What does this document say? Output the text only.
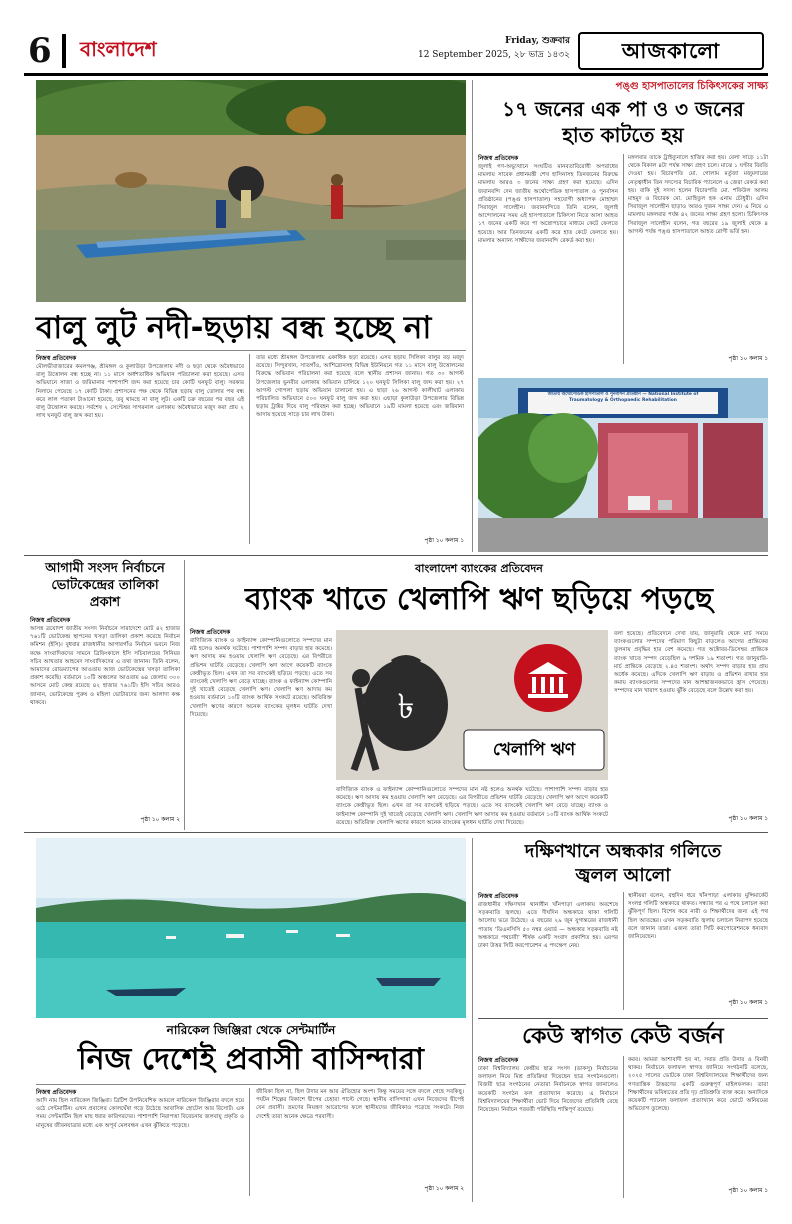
6 বাংলাদেশ	Friday, শুক্রবার
12 September 2025, ২৮ ভাদ্র ১৪৩২	আজকালো
বালু লুট নদী-ছড়ায় বন্ধ হচ্ছে না
নিজস্ব প্রতিবেদক
মৌলভীবাজারের কমলগঞ্জ, শ্রীমঙ্গল ও কুলাউড়া উপজেলায় নদী ও ছড়া থেকে অবৈধভাবে বালু উত্তোলন বন্ধ হচ্ছে না। ১১ মাসে অর্ধশতাধিক অভিযান পরিচালনা করা হয়েছে। এসব অভিযানে সাজা ও জরিমানার পাশাপাশি জব্দ করা হয়েছে চার কোটি ঘনফুট বালু। সরকার নিলামে পেয়েছে ১৭ কোটি টাকা। প্রশাসনের পক্ষ থেকে বিভিন্ন ছড়ায় বালু তোলার পথ বন্ধ করে লাল পতাকা টাঙানো হয়েছে, তবু থামছে না বালু লুট। একটি চক্র বছরের পর বছর এই বালু উত্তোলন করছে। সর্বশেষ ২ সেপ্টেম্বর সাগরনাল এলাকায় অবৈধভাবে মজুদ করা প্রায় ২ লাখ ঘনফুট বালু জব্দ করা হয়।
তার মধ্যে শ্রীমঙ্গল উপজেলায় একাধিক ছড়া রয়েছে। এসব ছড়ায় সিলিকা বালুর বড় মজুদ রয়েছে। সিন্দুরখান, সাতগাঁও, আশিদ্রোনসহ বিভিন্ন ইউনিয়নে গত ১১ মাসে বালু উত্তোলনের বিরুদ্ধে অভিযান পরিচালনা করা হয়েছে বলে স্থানীয় প্রশাসন জানায়। গত ৩০ আগস্ট উপজেলার ভুনবীর এলাকায় অভিযান চালিয়ে ১২০ ঘনফুট সিলিকা বালু জব্দ করা হয়। ২৭ আগস্ট গোপলা ছড়ায় অভিযান চালানো হয়। এ ছাড়া ২৬ আগস্ট কালীঘাট এলাকায় পরিচালিত অভিযানে ৫০০ ঘনফুট বালু জব্দ করা হয়। এছাড়া কুলাউড়া উপজেলার বিভিন্ন ছড়ায় ট্রাক্টর দিয়ে বালু পরিবহন করা হচ্ছে। অভিযানে ১৯টি মামলা হয়েছে এবং জরিমানা আদায় হয়েছে সাড়ে চার লাখ টাকা।
পৃষ্ঠা ১০ কলাম ১
পঙ্গু হাসপাতালের চিকিৎসকের সাক্ষ্য
১৭ জনের এক পা ও ৩ জনের
হাত কাটতে হয়
নিজস্ব প্রতিবেদক
জুলাই গণ-অভ্যুত্থানে সংঘটিত মানবতাবিরোধী অপরাধের মামলায় সাবেক প্রধানমন্ত্রী শেখ হাসিনাসহ তিনজনের বিরুদ্ধে মামলায় আরও ৩ জনের সাক্ষ্য গ্রহণ করা হয়েছে। এদিন জবানবন্দি দেন জাতীয় অর্থোপেডিক হাসপাতাল ও পুনর্বাসন প্রতিষ্ঠানের (পঙ্গু হাসপাতাল) সহযোগী অধ্যাপক মোহাম্মদ সিরাজুল সালেহীন। জবানবন্দিতে তিনি বলেন, জুলাই আন্দোলনের সময় এই হাসপাতালে চিকিৎসা নিতে আসা আহত ১৭ জনের একটি করে পা অস্ত্রোপচারে মাধ্যমে কেটে ফেলতে হয়েছে। আর তিনজনের একটি করে হাত কেটে ফেলতে হয়। মামলার অন্যান্য সাক্ষীদের জবানবন্দি রেকর্ড করা হয়।
মঙ্গলবার তাকে ট্রাইব্যুনালে হাজির করা হয়। বেলা সাড়ে ১১টা থেকে বিকাল ৪টা পর্যন্ত সাক্ষ্য গ্রহণ চলে। মাঝে ১ ঘণ্টার বিরতি দেওয়া হয়। বিচারপতি মো. গোলাম মর্তুজা মজুমদারের নেতৃত্বাধীন তিন সদস্যের বিচারিক প্যানেলে এ জেরা রেকর্ড করা হয়। বাকি দুই সদস্য হলেন বিচারপতি মো. শফিউল আলম মাহমুদ ও বিচারক মো. মোহিতুল হক এনাম চৌধুরী। এদিন সিরাজুল সালেহীন ছাড়াও আরও দুজন সাক্ষ্য দেন। এ নিয়ে এ মামলায় মঙ্গলবার পর্যন্ত ৪২ জনের সাক্ষ্য গ্রহণ হলো। চিকিৎসক সিরাজুল সালেহীন বলেন, গত বছরের ১৯ জুলাই থেকে ৪ আগস্ট পর্যন্ত পঙ্গু হাসপাতালে আহত রোগী ভর্তি হন।
পৃষ্ঠা ১০ কলাম ১
জাতীয় অর্থোপেডিক হাসপাতাল ও পুনর্বাসন প্রতিষ্ঠান — National Institute of Traumatology & Orthopaedic Rehabilitation
আগামী সংসদ নির্বাচনে
ভোটকেন্দ্রের তালিকা
প্রকাশ
নিজস্ব প্রতিবেদক
আসন্ন ত্রয়োদশ জাতীয় সংসদ নির্বাচনে সারাদেশে মোট ৪২ হাজার ৭৬১টি ভোটকেন্দ্র স্থাপনের খসড়া তালিকা প্রকাশ করেছে নির্বাচন কমিশন (ইসি)। বুধবার রাজধানীর আগারগাঁও নির্বাচন ভবনে নিজ কক্ষে সাংবাদিকদের সামনে ব্রিফিংকালে ইসি সচিবালয়ের সিনিয়র সচিব আখতার আহমেদ সাংবাদিকদের এ তথ্য জানান। তিনি বলেন, আমাদের রোডম্যাপের আওতায় আজ ভোটকেন্দ্রের খসড়া তালিকা প্রকাশ করেছি। বর্তমানে ১০টি অঞ্চলের আওতায় ৬৪ জেলায় ৩০০ আসনে মোট কেন্দ্র রয়েছে ৪২ হাজার ৭৬১টি। ইসি সচিব আরও জানান, ভোটকেন্দ্রে পুরুষ ও মহিলা ভোটারদের জন্য আলাদা কক্ষ থাকবে।
পৃষ্ঠা ১০ কলাম ২
বাংলাদেশ ব্যাংকের প্রতিবেদন
ব্যাংক খাতে খেলাপি ঋণ ছড়িয়ে পড়ছে
নিজস্ব প্রতিবেদক
বাণিজ্যিক ব্যাংক ও ফাইন্যান্স কোম্পানিগুলোতে সম্পদের মান নষ্ট হলেও অনর্থক ঘটেছে। পাশাপাশি সম্পদ বাড়ার হার কমেছে। ঋণ আদায় কম হওয়ায় খেলাপি ঋণ বেড়েছে। এর বিপরীতে প্রভিশন ঘাটতি বেড়েছে। খেলাপি ঋণ আগে কয়েকটি ব্যাংকে কেন্দ্রীভূত ছিল। এখন তা সব ব্যাংকেই ছড়িয়ে পড়ছে। এতে সব ব্যাংকেই খেলাপি ঋণ বেড়ে যাচ্ছে। ব্যাংক ও ফাইন্যান্স কোম্পানি দুই খাতেই বেড়েছে খেলাপি ঋণ। খেলাপি ঋণ আদায় কম হওয়ায় বর্তমানে ১০টি ব্যাংক আর্থিক সংকটে রয়েছে। অতিরিক্ত খেলাপি ঋণের কারণে অনেক ব্যাংকের মূলধন ঘাটতি দেখা দিয়েছে।	৳
খেলাপি ঋণ
বলা হয়েছে। প্রতিবেদনে দেখা যায়, জানুয়ারি থেকে মার্চ সময়ে ব্যাংকগুলোর সম্পদের পরিমাণ কিছুটা বাড়লেও আগের প্রান্তিকের তুলনায় প্রবৃদ্ধির হার বেশ কমেছে। গত অক্টোবর-ডিসেম্বর প্রান্তিকে ব্যাংক খাতে সম্পদ বেড়েছিল ৯ দশমিক ১৯ শতাংশ। গত জানুয়ারি-মার্চ প্রান্তিকে বেড়েছে ২.৪৫ শতাংশ। অর্থাৎ সম্পদ বাড়ার হার প্রায় অর্ধেক কমেছে। এদিকে খেলাপি ঋণ বাড়ায় ও প্রভিশন রাখার হার কমায় ব্যাংকগুলোর সম্পদের মান আশঙ্কাজনকভাবে হ্রাস পেয়েছে। সম্পদের মান খারাপ হওয়ায় ঝুঁকি বেড়েছে বলে উল্লেখ করা হয়।
পৃষ্ঠা ১০ কলাম ১
বাণিজ্যিক ব্যাংক ও ফাইন্যান্স কোম্পানিগুলোতে সম্পদের মান নষ্ট হলেও অনর্থক ঘটেছে। পাশাপাশি সম্পদ বাড়ার হার কমেছে। ঋণ আদায় কম হওয়ায় খেলাপি ঋণ বেড়েছে। এর বিপরীতে প্রভিশন ঘাটতি বেড়েছে। খেলাপি ঋণ আগে কয়েকটি ব্যাংকে কেন্দ্রীভূত ছিল। এখন তা সব ব্যাংকেই ছড়িয়ে পড়ছে। এতে সব ব্যাংকেই খেলাপি ঋণ বেড়ে যাচ্ছে। ব্যাংক ও ফাইন্যান্স কোম্পানি দুই খাতেই বেড়েছে খেলাপি ঋণ। খেলাপি ঋণ আদায় কম হওয়ায় বর্তমানে ১০টি ব্যাংক আর্থিক সংকটে রয়েছে। অতিরিক্ত খেলাপি ঋণের কারণে অনেক ব্যাংকের মূলধন ঘাটতি দেখা দিয়েছে।
নারিকেল জিঞ্জিরা থেকে সেন্টমার্টিন
নিজ দেশেই প্রবাসী বাসিন্দারা
নিজস্ব প্রতিবেদক
আদি নাম ছিল নারিকেল জিঞ্জিরা। ব্রিটিশ উপনিবেশিক আমলে নারিকেল জিঞ্জিরার বদলে হয়ে ওঠে সেন্টমার্টিন। এখন প্রবালের কোলঘেঁষা গড়ে উঠেছে আবাসিক হোটেল আর রিসোর্ট। এক সময় সেন্টমার্টিন ছিল মাছ ধরার কারিগরদের। পাশাপাশি নিরাপত্তা বিবেচনায় জলবায়ু প্রকৃতি ও মানুষের জীবনযাত্রার মধ্যে এক অপূর্ব মেলবন্ধন এখন ঝুঁকিতে পড়েছে।
জীবিকা ছিল না, ছিল উদার মন আর ঐতিহ্যের অংশ। কিন্তু সময়ের সঙ্গে বদলে গেছে সবকিছু। পর্যটন শিল্পের বিকাশে দ্বীপের চেহারা পাল্টে গেছে। স্থানীয় বাসিন্দারা এখন নিজেদের দ্বীপেই যেন প্রবাসী। ভ্রমণের নিয়ন্ত্রণ আরোপের ফলে স্থানীয়দের জীবিকাও পড়েছে সংকটে। নিজ দেশেই তারা অনেক ক্ষেত্রে পরবাসী।
পৃষ্ঠা ১০ কলাম ২
দক্ষিণখানে অন্ধকার গলিতে
জ্বলল আলো
নিজস্ব প্রতিবেদক
রাজধানীর দক্ষিণখান থানাধীন খাঁনপাড়া এলাকায় অবশেষে সড়কবাতি জ্বলছে। এতে দীর্ঘদিন অন্ধকারে থাকা গলিটি আলোয় ভরে উঠেছে। এ বছরের ২৯ জুন যুগান্তরের রাজধানী পাতায় ‘ডিএনসিসি ৫০ নম্বর ওয়ার্ড — অন্ধকার সড়কবাতি নষ্ট অন্ধকারে পথচারী’ শীর্ষক একটি সংবাদ প্রকাশিত হয়। এরপর ঢাকা উত্তর সিটি করপোরেশন এ পদক্ষেপ নেয়।
স্থানীয়রা বলেন, বহুদিন ধরে খাঁনপাড়া এলাকার মুন্সিমার্কেট সংলগ্ন গলিটি অন্ধকারে থাকত। সন্ধ্যার পর এ পথে চলাচল করা ঝুঁকিপূর্ণ ছিল। বিশেষ করে নারী ও শিক্ষার্থীদের জন্য এই পথ ছিল আতঙ্কের। এখন সড়কবাতি জ্বলায় চলাচল নিরাপদ হয়েছে বলে জানান তারা। এজন্য তারা সিটি করপোরেশনকে ধন্যবাদ জানিয়েছেন।
পৃষ্ঠা ১০ কলাম ১
কেউ স্বাগত কেউ বর্জন
নিজস্ব প্রতিবেদক
ঢাকা বিশ্ববিদ্যালয় কেন্দ্রীয় ছাত্র সংসদ (ডাকসু) নির্বাচনের ফলাফল নিয়ে মিশ্র প্রতিক্রিয়া দিয়েছেন ছাত্র সংগঠনগুলো। বিজয়ী ছাত্র সংগঠনের নেতারা নির্বাচনকে স্বাগত জানালেও কয়েকটি সংগঠন ফল প্রত্যাখ্যান করেছে। এ নির্বাচনে বিশ্ববিদ্যালয়ের শিক্ষার্থীরা ভোট দিয়ে নিজেদের প্রতিনিধি বেছে নিয়েছেন। নির্বাচন পরবর্তী পরিস্থিতি শান্তিপূর্ণ রয়েছে।
করব। আমরা আশাবাদী হব না, সবার প্রতি উদার ও বিনয়ী থাকব। নির্বাচনে ফলাফল স্বাগত জানিয়ে সংগঠনটি বলেছে, ২০২৫ সালের ভোটকে ঢাকা বিশ্ববিদ্যালয়ের শিক্ষার্থীদের জন্য গণতান্ত্রিক উত্তরণের একটি গুরুত্বপূর্ণ মাইলফলক। তারা শিক্ষার্থীদের ভবিষ্যতের প্রতি দৃঢ় প্রতিশ্রুতি ব্যক্ত করে। অন্যদিকে কয়েকটি প্যানেল ফলাফল প্রত্যাখ্যান করে ভোটে অনিয়মের অভিযোগ তুলেছে।
পৃষ্ঠা ১০ কলাম ১
